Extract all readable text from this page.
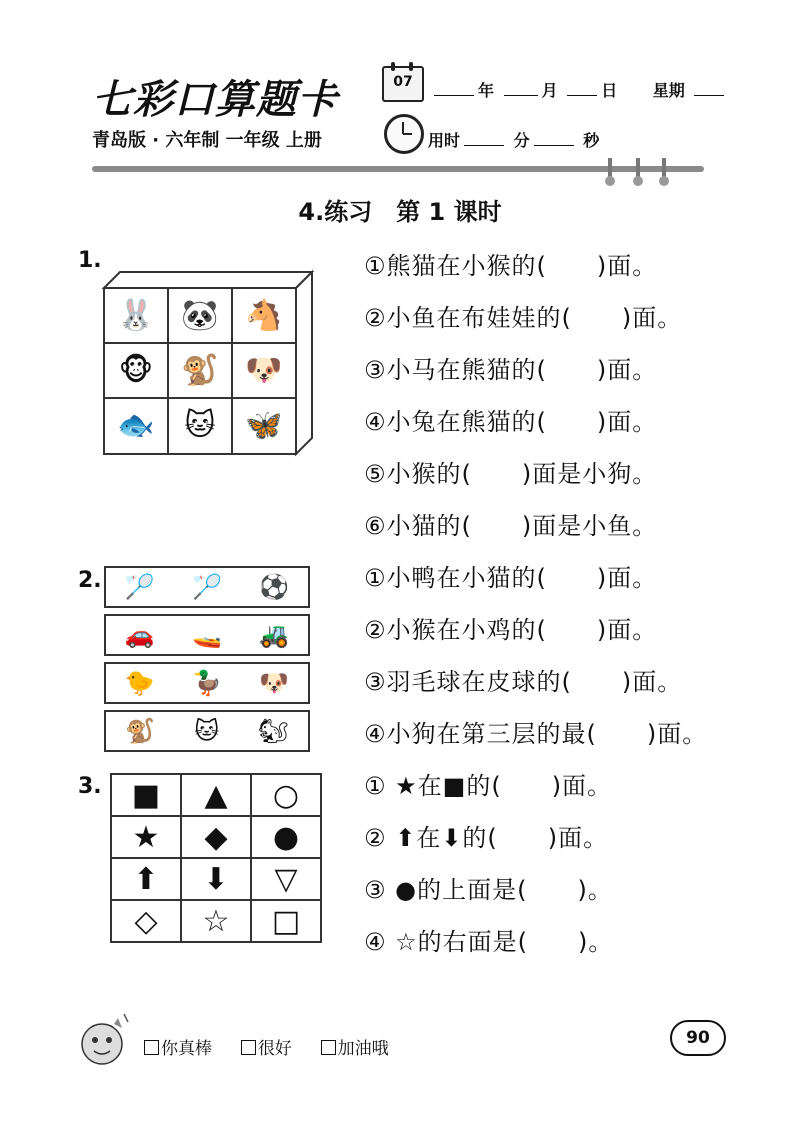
七彩口算题卡	07	年	月	日 星期
青岛版 · 六年制 一年级 上册	用时	分	秒
4.练习　第 1 课时
1.
🐰 🐼 🐴
🐵 🐒 🐶
🐟 🐱 🦋
①熊猫在小猴的(　　)面。
②小鱼在布娃娃的(　　)面。
③小马在熊猫的(　　)面。
④小兔在熊猫的(　　)面。
⑤小猴的(　　)面是小狗。
⑥小猫的(　　)面是小鱼。
2. 🏸 🏸 ⚽
🚗 🚤 🚜
🐤 🦆 🐶
🐒 🐱 🐿
①小鸭在小猫的(　　)面。
②小猴在小鸡的(　　)面。
③羽毛球在皮球的(　　)面。
④小狗在第三层的最(　　)面。
3. ■	▲	○
★	◆	●
⬆	⬇	▽
◇	☆	□
① ★在■的(　　)面。
② ⬆在⬇的(　　)面。
③ ●的上面是(　　)。
④ ☆的右面是(　　)。
你真棒	很好	加油哦
90
